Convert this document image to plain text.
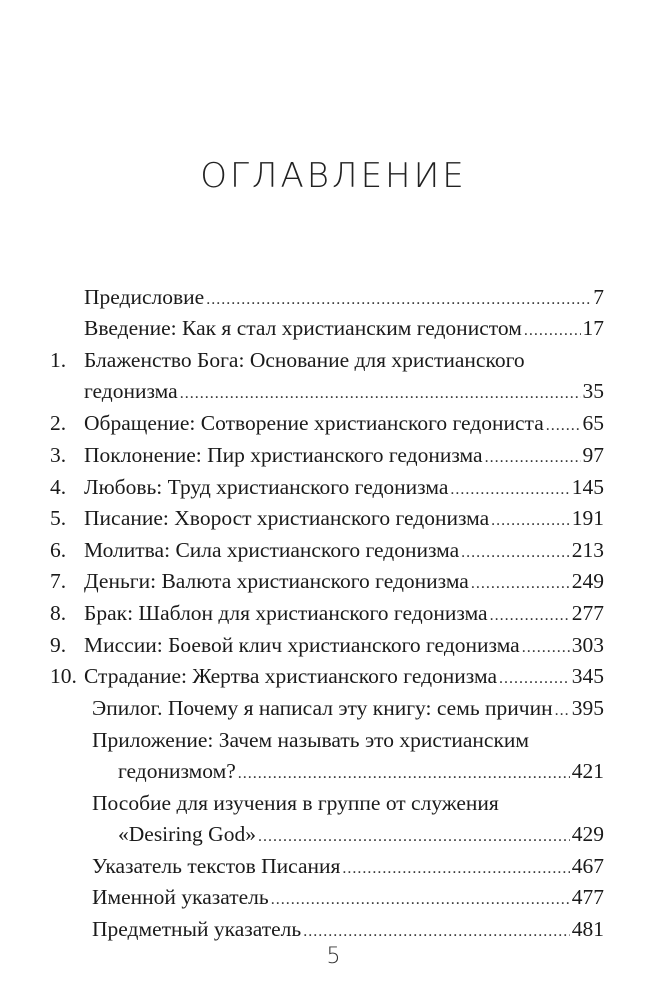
ОГЛАВЛЕНИЕ
Предисловие .....	7
Введение: Как я стал христианским гедонистом .....	17
1. Блаженство Бога: Основание для христианского
гедонизма .....	35
2. Обращение: Сотворение христианского гедониста ..... 65
3. Поклонение: Пир христианского гедонизма .....	97
4. Любовь: Труд христианского гедонизма .....	145
5. Писание: Хворост христианского гедонизма .....	191
6. Молитва: Сила христианского гедонизма .....	213
7. Деньги: Валюта христианского гедонизма .....	249
8. Брак: Шаблон для христианского гедонизма .....	277
9. Миссии: Боевой клич христианского гедонизма ..... 303
10. Страдание: Жертва христианского гедонизма .....	345
Эпилог. Почему я написал эту книгу: семь причин ..... 395
Приложение: Зачем называть это христианским
гедонизмом? .....	421
Пособие для изучения в группе от служения
«Desiring God» .....	429
Указатель текстов Писания .....	467
Именной указатель .....	477
Предметный указатель .....	481
5
